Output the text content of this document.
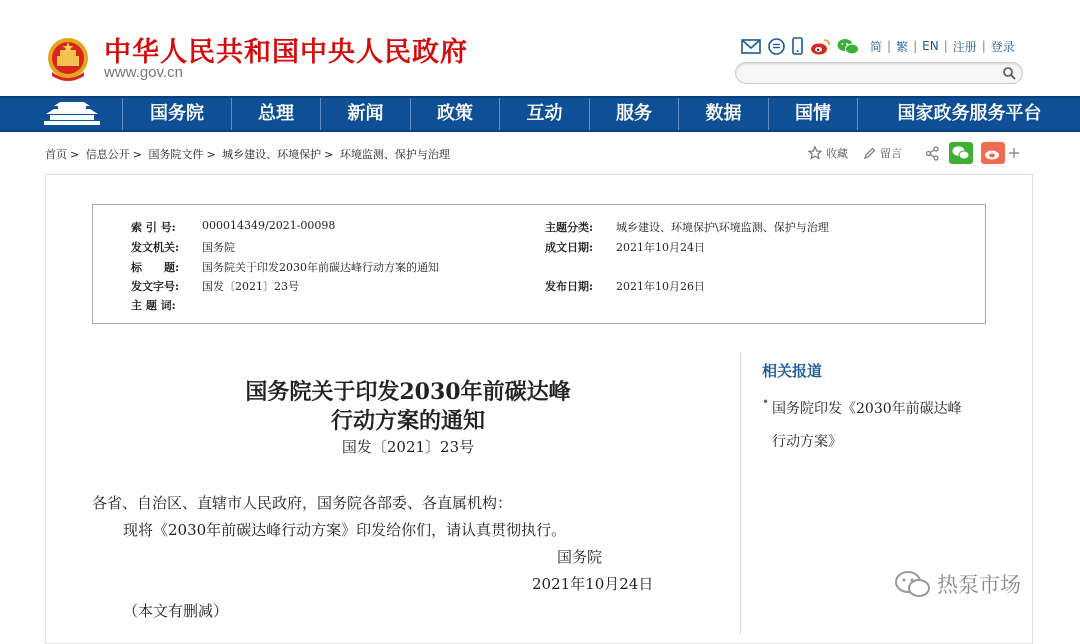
中华人民共和国中央人民政府
www.gov.cn
简 | 繁 | EN | 注册 | 登录
国务院	总理	新闻	政策	互动	服务	数据	国情	国家政务服务平台
首页 > 信息公开 > 国务院文件 > 城乡建设、环境保护 > 环境监测、保护与治理	收藏	留言
索 引 号: 000014349/2021-00098	主题分类: 城乡建设、环境保护\环境监测、保护与治理
发文机关: 国务院	成文日期: 2021年10月24日
标　　题: 国务院关于印发2030年前碳达峰行动方案的通知
发文字号: 国发〔2021〕23号	发布日期: 2021年10月26日
主 题 词:
国务院关于印发2030年前碳达峰
行动方案的通知
国发〔2021〕23号
各省、自治区、直辖市人民政府，国务院各部委、各直属机构：
现将《2030年前碳达峰行动方案》印发给你们，请认真贯彻执行。
国务院
2021年10月24日
（本文有删减）
相关报道
• 国务院印发《2030年前碳达峰
行动方案》
热泵市场
